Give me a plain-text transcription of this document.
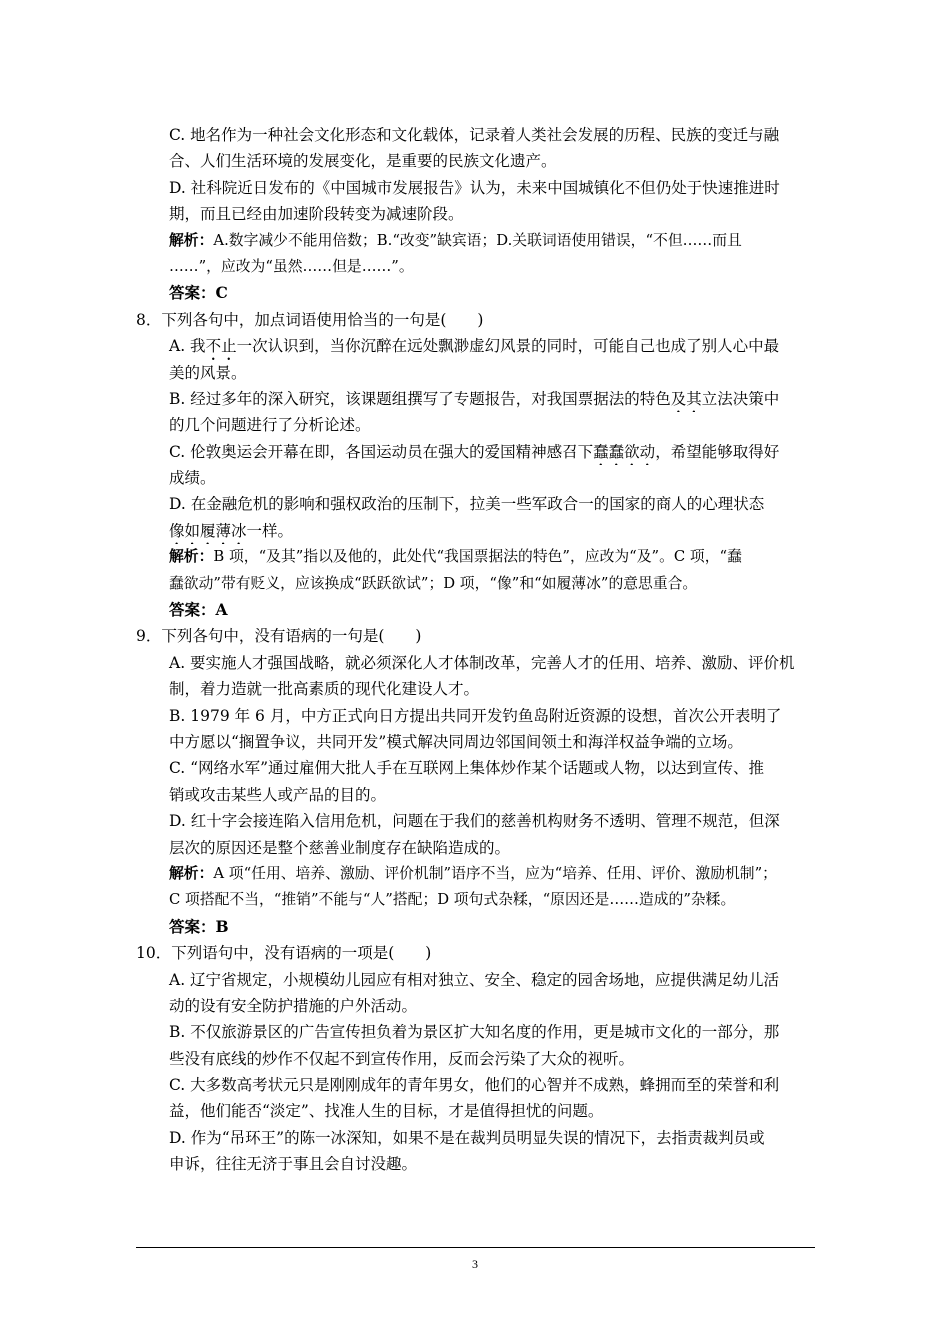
C. 地名作为一种社会文化形态和文化载体，记录着人类社会发展的历程、民族的变迁与融
合、人们生活环境的发展变化，是重要的民族文化遗产。
D. 社科院近日发布的《中国城市发展报告》认为，未来中国城镇化不但仍处于快速推进时
期，而且已经由加速阶段转变为减速阶段。
解析：A.数字减少不能用倍数；B.“改变”缺宾语；D.关联词语使用错误，“不但……而且
……”，应改为“虽然……但是……”。
答案：C
8．下列各句中，加点词语使用恰当的一句是(　　)
A. 我不止一次认识到，当你沉醉在远处飘渺虚幻风景的同时，可能自己也成了别人心中最
美的风景。
B. 经过多年的深入研究，该课题组撰写了专题报告，对我国票据法的特色及其立法决策中
的几个问题进行了分析论述。
C. 伦敦奥运会开幕在即，各国运动员在强大的爱国精神感召下蠢蠢欲动，希望能够取得好
成绩。
D. 在金融危机的影响和强权政治的压制下，拉美一些军政合一的国家的商人的心理状态
像如履薄冰一样。
解析：B 项，“及其”指以及他的，此处代“我国票据法的特色”，应改为“及”。C 项，“蠢
蠢欲动”带有贬义，应该换成“跃跃欲试”；D 项，“像”和“如履薄冰”的意思重合。
答案：A
9．下列各句中，没有语病的一句是(　　)
A. 要实施人才强国战略，就必须深化人才体制改革，完善人才的任用、培养、激励、评价机
制，着力造就一批高素质的现代化建设人才。
B. 1979 年 6 月，中方正式向日方提出共同开发钓鱼岛附近资源的设想，首次公开表明了
中方愿以“搁置争议，共同开发”模式解决同周边邻国间领土和海洋权益争端的立场。
C. “网络水军”通过雇佣大批人手在互联网上集体炒作某个话题或人物，以达到宣传、推
销或攻击某些人或产品的目的。
D. 红十字会接连陷入信用危机，问题在于我们的慈善机构财务不透明、管理不规范，但深
层次的原因还是整个慈善业制度存在缺陷造成的。
解析：A 项“任用、培养、激励、评价机制”语序不当，应为“培养、任用、评价、激励机制”；
C 项搭配不当，“推销”不能与“人”搭配；D 项句式杂糅，“原因还是……造成的”杂糅。
答案：B
10．下列语句中，没有语病的一项是(　　)
A. 辽宁省规定，小规模幼儿园应有相对独立、安全、稳定的园舍场地，应提供满足幼儿活
动的设有安全防护措施的户外活动。
B. 不仅旅游景区的广告宣传担负着为景区扩大知名度的作用，更是城市文化的一部分，那
些没有底线的炒作不仅起不到宣传作用，反而会污染了大众的视听。
C. 大多数高考状元只是刚刚成年的青年男女，他们的心智并不成熟，蜂拥而至的荣誉和利
益，他们能否“淡定”、找准人生的目标，才是值得担忧的问题。
D. 作为“吊环王”的陈一冰深知，如果不是在裁判员明显失误的情况下，去指责裁判员或
申诉，往往无济于事且会自讨没趣。
3
